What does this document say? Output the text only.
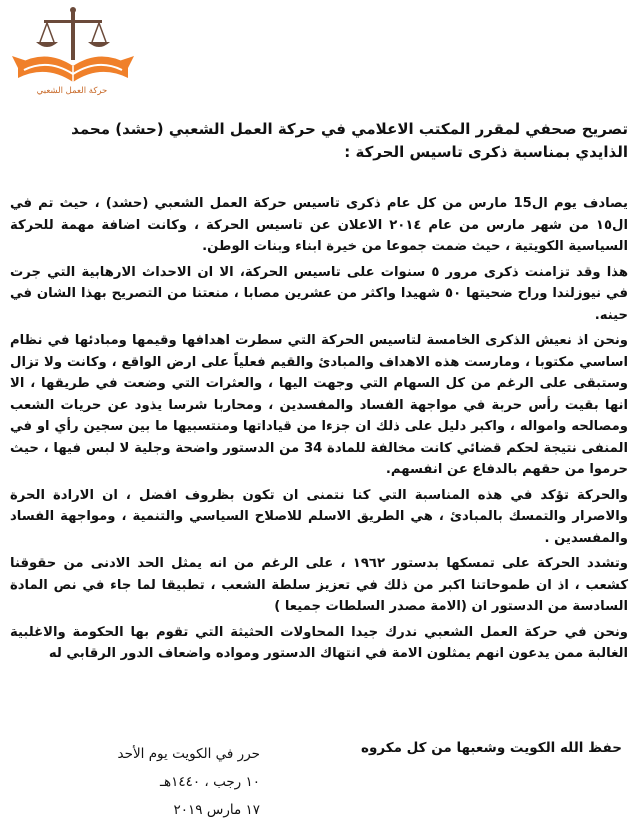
حركة العمل الشعبي
تصريح صحفي لمقرر المكتب الاعلامي في حركة العمل الشعبي (حشد) محمد الذايدي بمناسبة ذكرى تاسيس الحركة :

يصادف يوم ال15 مارس من كل عام ذكرى تاسيس حركة العمل الشعبي (حشد) ، حيث تم في ال١٥ من شهر مارس من عام ٢٠١٤ الاعلان عن تاسيس الحركة ، وكانت اضافة مهمة للحركة السياسية الكويتية ، حيث ضمت جموعا من خيرة ابناء وبنات الوطن.

هذا وقد تزامنت ذكرى مرور ٥ سنوات على تاسيس الحركة، الا ان الاحداث الارهابية التي جرت في نيوزلندا وراح ضحيتها ٥٠ شهيدا واكثر من عشرين مصابا ، منعتنا من التصريح بهذا الشان في حينه.

ونحن اذ نعيش الذكرى الخامسة لتاسيس الحركة التي سطرت اهدافها وقيمها ومبادئها في نظام اساسي مكتوبا ، ومارست هذه الاهداف والمبادئ والقيم فعلياً على ارض الواقع ، وكانت ولا تزال وستبقى على الرغم من كل السهام التي وجهت اليها ، والعثرات التي وضعت في طريقها ، الا انها بقيت رأس حربة في مواجهة الفساد والمفسدين ، ومحاربا شرسا يذود عن حريات الشعب ومصالحه وامواله ، واكبر دليل على ذلك ان جزءا من قياداتها ومنتسبيها ما بين سجين رأي او في المنفى نتيجة لحكم قضائي كانت مخالفة للمادة 34 من الدستور واضحة وجلية لا لبس فيها ، حيث حرموا من حقهم بالدفاع عن انفسهم.

والحركة تؤكد في هذه المناسبة التي كنا نتمنى ان تكون بظروف افضل ، ان الارادة الحرة والاصرار والتمسك بالمبادئ ، هي الطريق الاسلم للاصلاح السياسي والتنمية ، ومواجهة الفساد والمفسدين .

وتشدد الحركة على تمسكها بدستور ١٩٦٢ ، على الرغم من انه يمثل الحد الادنى من حقوقنا كشعب ، اذ ان طموحاتنا اكبر من ذلك في تعزيز سلطة الشعب ، تطبيقا لما جاء في نص المادة السادسة من الدستور ان (الامة مصدر السلطات جميعا )

ونحن في حركة العمل الشعبي ندرك جيدا المحاولات الحثيثة التي تقوم بها الحكومة والاغلبية الغالبة ممن يدعون انهم يمثلون الامة في انتهاك الدستور ومواده واضعاف الدور الرقابي له

حفظ الله الكويت وشعبها من كل مكروه
حرر في الكويت يوم الأحد
١٠ رجب ، ١٤٤٠هـ
١٧ مارس ٢٠١٩
